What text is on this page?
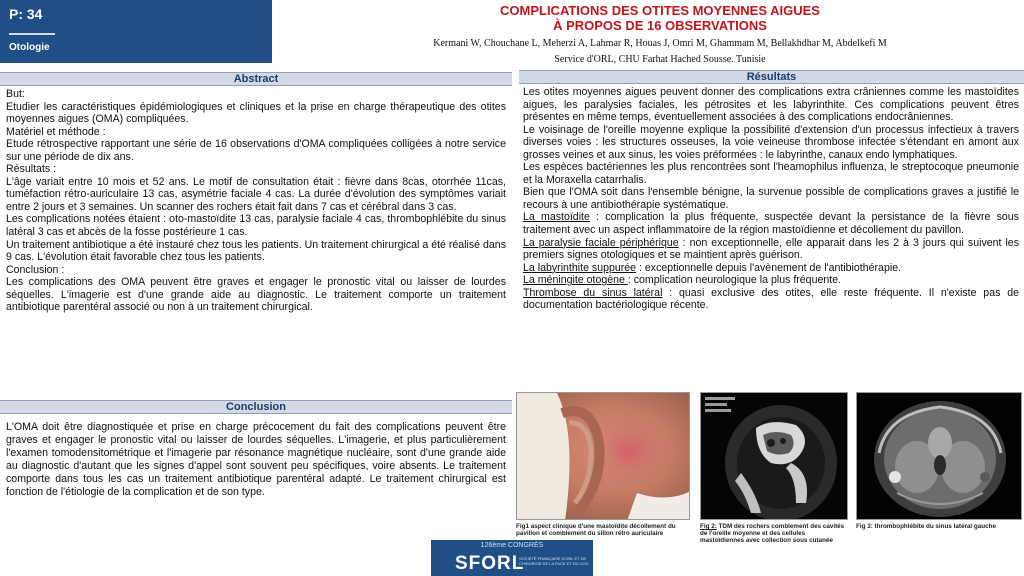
P: 34
Otologie
COMPLICATIONS DES OTITES MOYENNES AIGUES
À PROPOS DE 16 OBSERVATIONS
Kermani W, Chouchane L, Meherzi A, Lahmar R, Houas J, Omri M, Ghammam M, Bellakhdhar M, Abdelkefi M
Service d'ORL, CHU Farhat Hached Sousse. Tunisie
Abstract

But:

Etudier les caractéristiques épidémiologiques et cliniques et la prise en charge thérapeutique des otites moyennes aigues (OMA) compliquées.

Matériel et méthode :

Etude rétrospective rapportant une série de 16 observations d'OMA compliquées colligées à notre service sur une période de dix ans.

Résultats :

L'âge variait entre 10 mois et 52 ans. Le motif de consultation était : fièvre dans 8cas, otorrhée 11cas, tuméfaction rétro-auriculaire 13 cas, asymétrie faciale 4 cas. La durée d'évolution des symptômes variait entre 2 jours et 3 semaines. Un scanner des rochers était fait dans 7 cas et cérébral dans 3 cas.

Les complications notées étaient : oto-mastoïdite 13 cas, paralysie faciale 4 cas, thrombophlébite du sinus latéral 3 cas et abcès de la fosse postérieure 1 cas.

Un traitement antibiotique a été instauré chez tous les patients. Un traitement chirurgical a été réalisé dans 9 cas. L'évolution était favorable chez tous les patients.

Conclusion :

Les complications des OMA peuvent être graves et engager le pronostic vital ou laisser de lourdes séquelles. L'imagerie est d'une grande aide au diagnostic. Le traitement comporte un traitement antibiotique parentéral associé ou non à un traitement chirurgical.

Conclusion

L'OMA doit être diagnostiquée et prise en charge précocement du fait des complications peuvent être graves et engager le pronostic vital ou laisser de lourdes séquelles. L'imagerie, et plus particulièrement l'examen tomodensitométrique et l'imagerie par résonance magnétique nucléaire, sont d'une grande aide au diagnostic d'autant que les signes d'appel sont souvent peu spécifiques, voire absents. Le traitement comporte dans tous les cas un traitement antibiotique parentéral adapté. Le traitement chirurgical est fonction de l'étiologie de la complication et de son type.

Résultats

Les otites moyennes aigues peuvent donner des complications extra crâniennes comme les mastoïdites aigues, les paralysies faciales, les pétrosites et les labyrinthite. Ces complications peuvent êtres présentes en même temps, éventuellement associées à des complications endocrâniennes.

Le voisinage de l'oreille moyenne explique la possibilité d'extension d'un processus infectieux à travers diverses voies : les structures osseuses, la voie veineuse thrombose infectée s'étendant en amont aux grosses veines et aux sinus, les voies préformées : le labyrinthe, canaux endo lymphatiques.

Les espèces bactériennes les plus rencontrées sont l'heamophilus influenza, le streptocoque pneumonie et la Moraxella catarrhalis.

Bien que l'OMA soit dans l'ensemble bénigne, la survenue possible de complications graves a justifié le recours à une antibiothérapie systématique.

La mastoïdite : complication la plus fréquente, suspectée devant la persistance de la fièvre sous traitement avec un aspect inflammatoire de la région mastoïdienne et décollement du pavillon.

La paralysie faciale périphérique : non exceptionnelle, elle apparait dans les 2 à 3 jours qui suivent les premiers signes otologiques et se maintient après guérison.

La labyrinthite suppurée : exceptionnelle depuis l'avènement de l'antibiothérapie.

La méningite otogène : complication neurologique la plus fréquente.

Thrombose du sinus latéral : quasi exclusive des otites, elle reste fréquente. Il n'existe pas de documentation bactériologique récente.

Fig1 aspect clinique d'une mastoïdite décollement du pavillon et comblement du sillon rétro auriculaire
Fig 2: TDM des rochers comblement des cavités de l'oreille moyenne et des cellules mastoïdiennes avec collection sous cutanée
Fig 3: thrombophlébite du sinus latéral gauche
126ème CONGRÈS
SFORL
SOCIÉTÉ FRANÇAISE D'ORL ET DE CHIRURGIE DE LA FACE ET DU COU
